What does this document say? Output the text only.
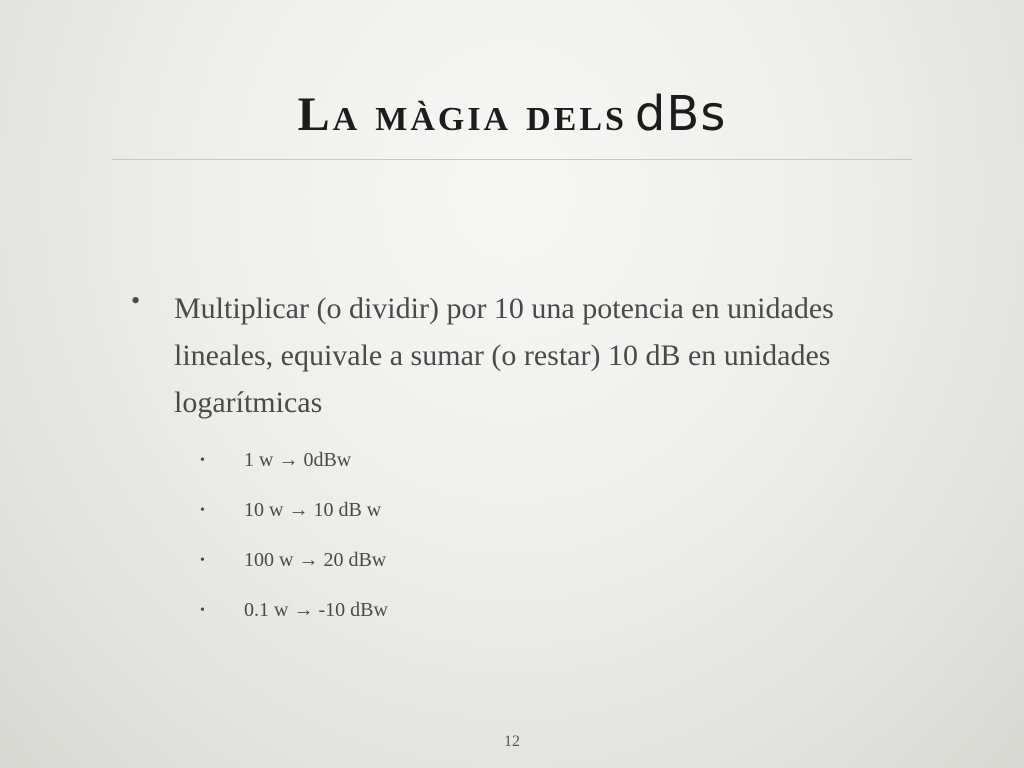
La màgia dels dBs
• Multiplicar (o dividir) por 10 una potencia en unidades lineales, equivale a sumar (o restar) 10 dB en unidades logarítmicas

• 1 w → 0dBw
• 10 w → 10 dB w
• 100 w → 20 dBw
• 0.1 w → -10 dBw
12
